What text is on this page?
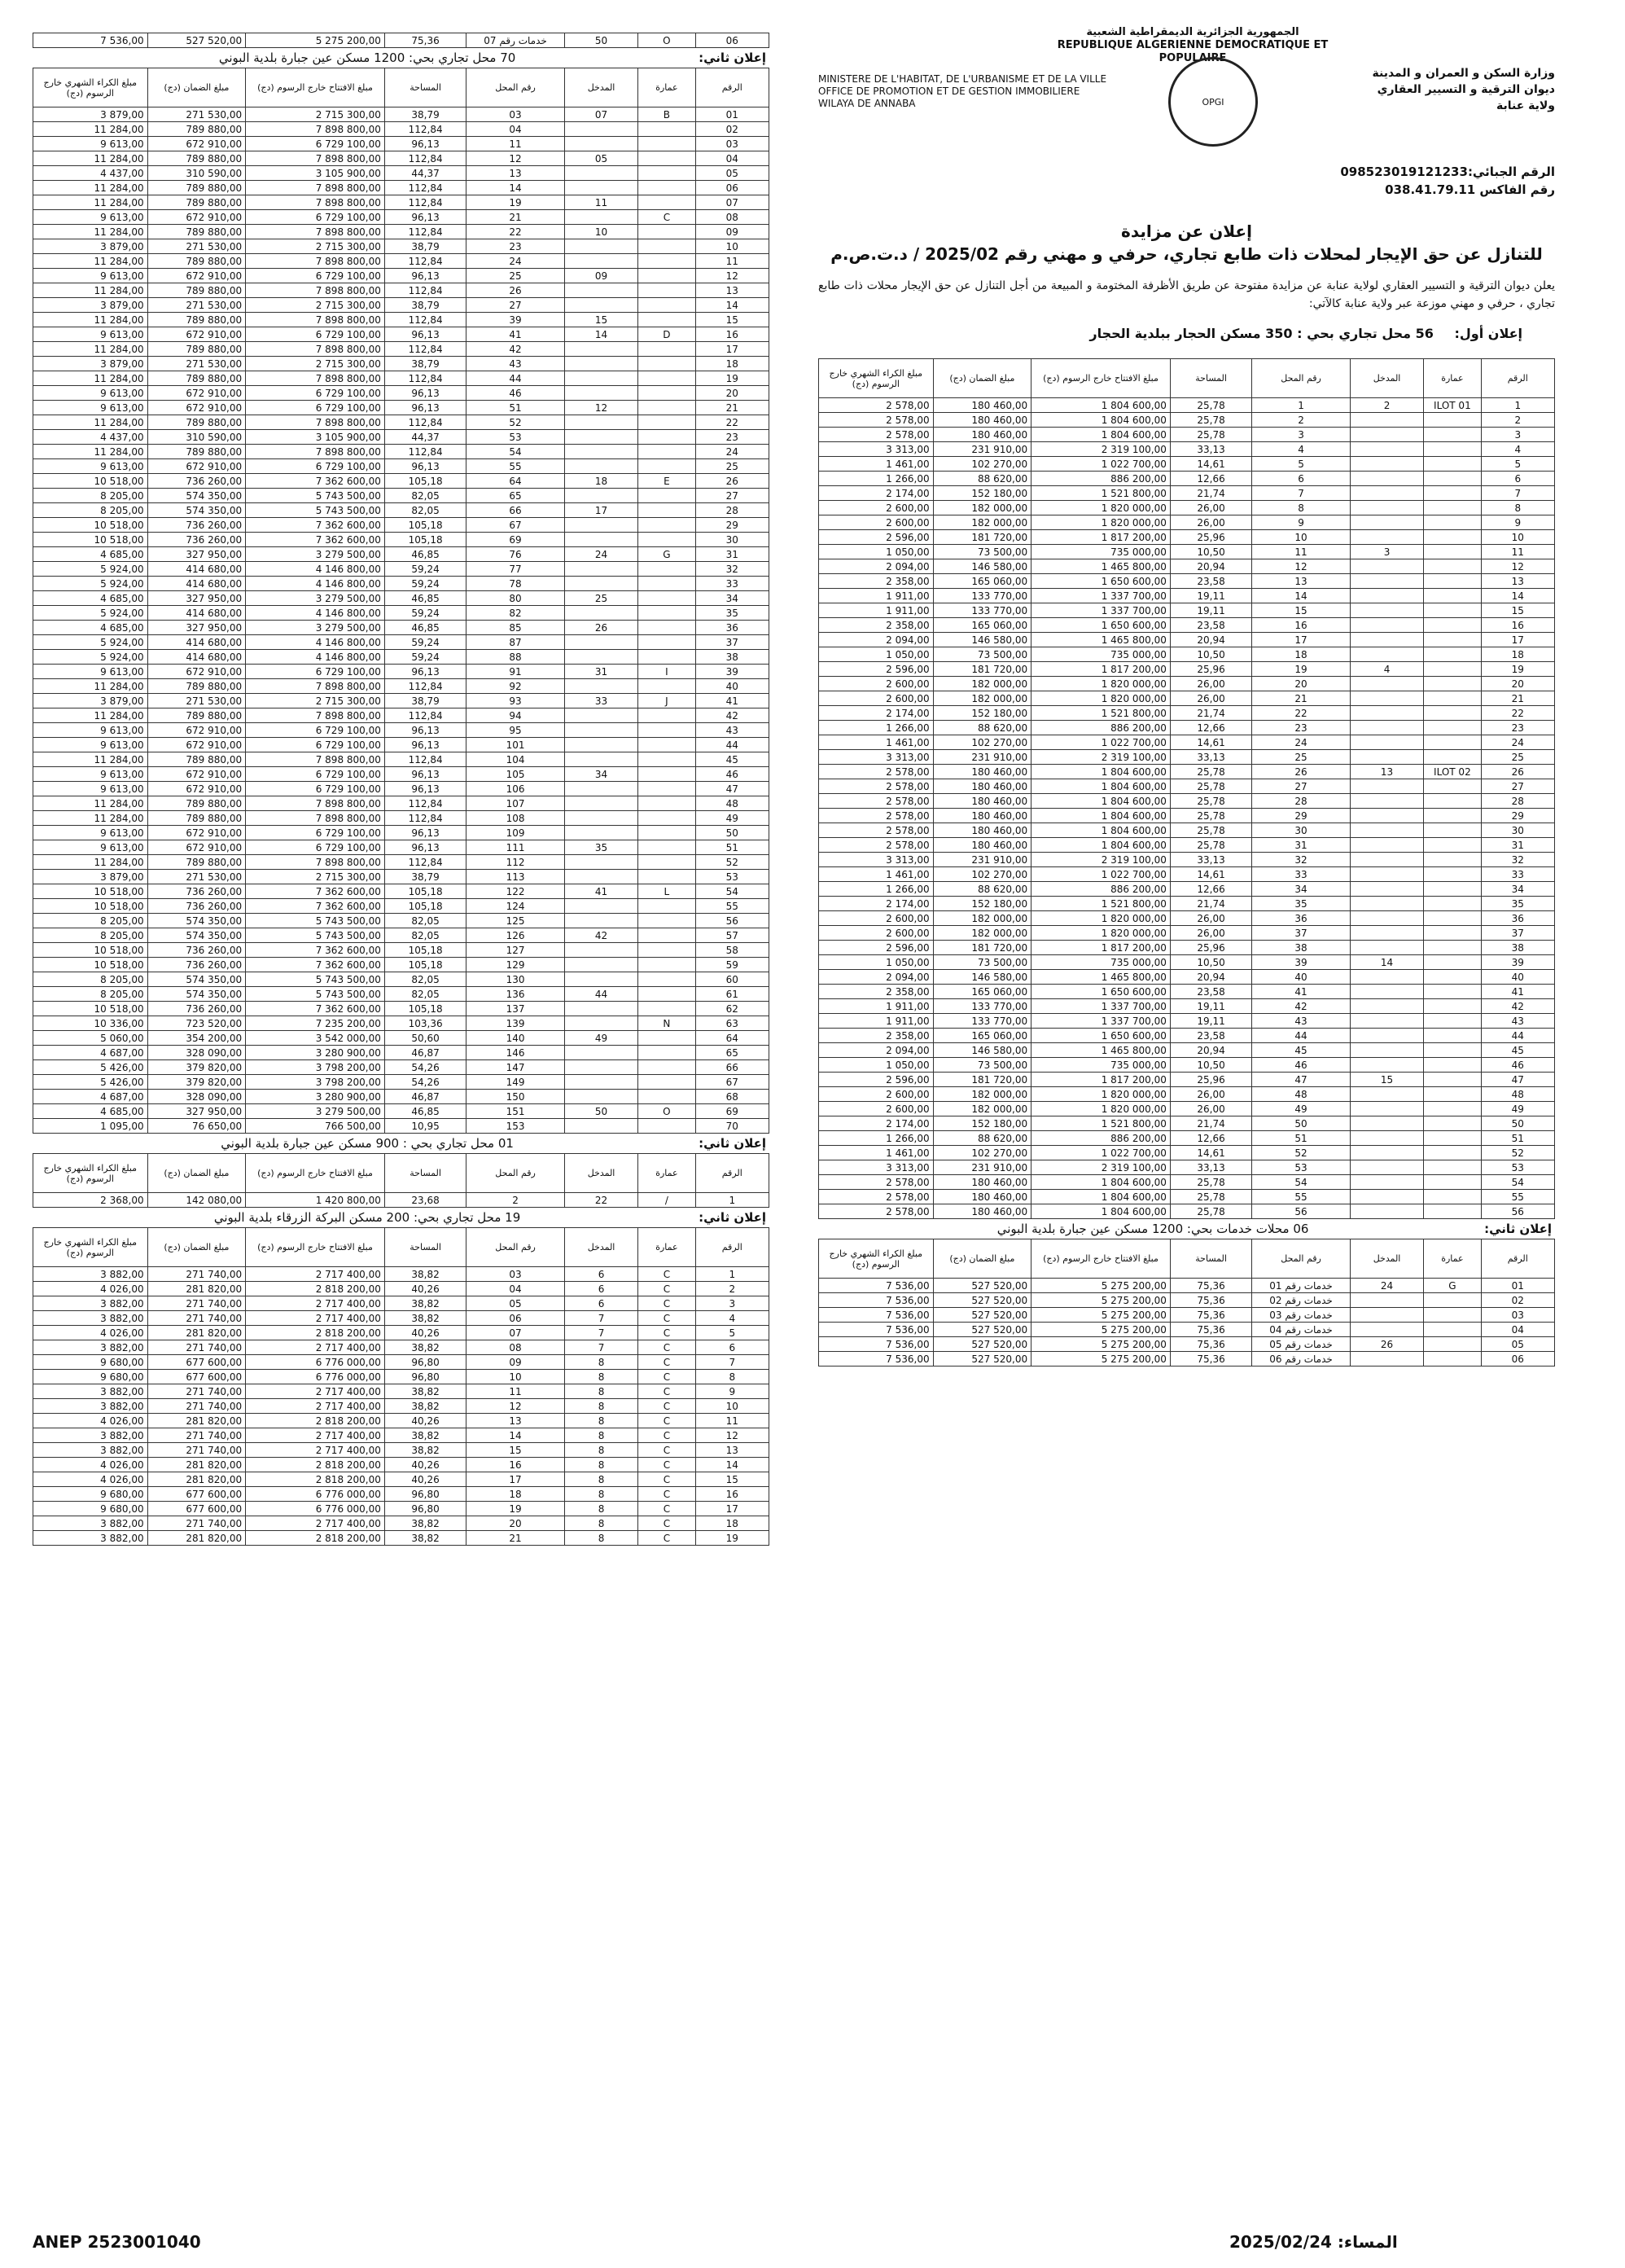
7 536,00	527 520,00	5 275 200,00	75,36	خدمات رقم 07	50	O	06
إعلان ثاني:
70 محل تجاري بحي: 1200 مسكن عين جبارة بلدية البوني
مبلغ الكراء الشهري خارج الرسوم (دج)	مبلغ الضمان (دج)	مبلغ الافتتاح خارج الرسوم (دج)	المساحة	رقم المحل	المدخل	عمارة	الرقم
3 879,00	271 530,00	2 715 300,00	38,79	03	07	B	01
11 284,00	789 880,00	7 898 800,00	112,84	04			02
9 613,00	672 910,00	6 729 100,00	96,13	11			03
11 284,00	789 880,00	7 898 800,00	112,84	12	05		04
4 437,00	310 590,00	3 105 900,00	44,37	13			05
11 284,00	789 880,00	7 898 800,00	112,84	14			06
11 284,00	789 880,00	7 898 800,00	112,84	19	11		07
9 613,00	672 910,00	6 729 100,00	96,13	21		C	08
11 284,00	789 880,00	7 898 800,00	112,84	22	10		09
3 879,00	271 530,00	2 715 300,00	38,79	23			10
11 284,00	789 880,00	7 898 800,00	112,84	24			11
9 613,00	672 910,00	6 729 100,00	96,13	25	09		12
11 284,00	789 880,00	7 898 800,00	112,84	26			13
3 879,00	271 530,00	2 715 300,00	38,79	27			14
11 284,00	789 880,00	7 898 800,00	112,84	39	15		15
9 613,00	672 910,00	6 729 100,00	96,13	41	14	D	16
11 284,00	789 880,00	7 898 800,00	112,84	42			17
3 879,00	271 530,00	2 715 300,00	38,79	43			18
11 284,00	789 880,00	7 898 800,00	112,84	44			19
9 613,00	672 910,00	6 729 100,00	96,13	46			20
9 613,00	672 910,00	6 729 100,00	96,13	51	12		21
11 284,00	789 880,00	7 898 800,00	112,84	52			22
4 437,00	310 590,00	3 105 900,00	44,37	53			23
11 284,00	789 880,00	7 898 800,00	112,84	54			24
9 613,00	672 910,00	6 729 100,00	96,13	55			25
10 518,00	736 260,00	7 362 600,00	105,18	64	18	E	26
8 205,00	574 350,00	5 743 500,00	82,05	65			27
8 205,00	574 350,00	5 743 500,00	82,05	66	17		28
10 518,00	736 260,00	7 362 600,00	105,18	67			29
10 518,00	736 260,00	7 362 600,00	105,18	69			30
4 685,00	327 950,00	3 279 500,00	46,85	76	24	G	31
5 924,00	414 680,00	4 146 800,00	59,24	77			32
5 924,00	414 680,00	4 146 800,00	59,24	78			33
4 685,00	327 950,00	3 279 500,00	46,85	80	25		34
5 924,00	414 680,00	4 146 800,00	59,24	82			35
4 685,00	327 950,00	3 279 500,00	46,85	85	26		36
5 924,00	414 680,00	4 146 800,00	59,24	87			37
5 924,00	414 680,00	4 146 800,00	59,24	88			38
9 613,00	672 910,00	6 729 100,00	96,13	91	31	I	39
11 284,00	789 880,00	7 898 800,00	112,84	92			40
3 879,00	271 530,00	2 715 300,00	38,79	93	33	J	41
11 284,00	789 880,00	7 898 800,00	112,84	94			42
9 613,00	672 910,00	6 729 100,00	96,13	95			43
9 613,00	672 910,00	6 729 100,00	96,13	101			44
11 284,00	789 880,00	7 898 800,00	112,84	104			45
9 613,00	672 910,00	6 729 100,00	96,13	105	34		46
9 613,00	672 910,00	6 729 100,00	96,13	106			47
11 284,00	789 880,00	7 898 800,00	112,84	107			48
11 284,00	789 880,00	7 898 800,00	112,84	108			49
9 613,00	672 910,00	6 729 100,00	96,13	109			50
9 613,00	672 910,00	6 729 100,00	96,13	111	35		51
11 284,00	789 880,00	7 898 800,00	112,84	112			52
3 879,00	271 530,00	2 715 300,00	38,79	113			53
10 518,00	736 260,00	7 362 600,00	105,18	122	41	L	54
10 518,00	736 260,00	7 362 600,00	105,18	124			55
8 205,00	574 350,00	5 743 500,00	82,05	125			56
8 205,00	574 350,00	5 743 500,00	82,05	126	42		57
10 518,00	736 260,00	7 362 600,00	105,18	127			58
10 518,00	736 260,00	7 362 600,00	105,18	129			59
8 205,00	574 350,00	5 743 500,00	82,05	130			60
8 205,00	574 350,00	5 743 500,00	82,05	136	44		61
10 518,00	736 260,00	7 362 600,00	105,18	137			62
10 336,00	723 520,00	7 235 200,00	103,36	139		N	63
5 060,00	354 200,00	3 542 000,00	50,60	140	49		64
4 687,00	328 090,00	3 280 900,00	46,87	146			65
5 426,00	379 820,00	3 798 200,00	54,26	147			66
5 426,00	379 820,00	3 798 200,00	54,26	149			67
4 687,00	328 090,00	3 280 900,00	46,87	150			68
4 685,00	327 950,00	3 279 500,00	46,85	151	50	O	69
1 095,00	76 650,00	766 500,00	10,95	153			70
إعلان ثاني:
01 محل تجاري بحي : 900 مسكن عين جبارة بلدية البوني
مبلغ الكراء الشهري خارج الرسوم (دج)	مبلغ الضمان (دج)	مبلغ الافتتاح خارج الرسوم (دج)	المساحة	رقم المحل	المدخل	عمارة	الرقم
2 368,00	142 080,00	1 420 800,00	23,68	2	22	/	1
إعلان ثاني:
19 محل تجاري بحي: 200 مسكن البركة الزرقاء بلدية البوني
مبلغ الكراء الشهري خارج الرسوم (دج)	مبلغ الضمان (دج)	مبلغ الافتتاح خارج الرسوم (دج)	المساحة	رقم المحل	المدخل	عمارة	الرقم
3 882,00	271 740,00	2 717 400,00	38,82	03	6	C	1
4 026,00	281 820,00	2 818 200,00	40,26	04	6	C	2
3 882,00	271 740,00	2 717 400,00	38,82	05	6	C	3
3 882,00	271 740,00	2 717 400,00	38,82	06	7	C	4
4 026,00	281 820,00	2 818 200,00	40,26	07	7	C	5
3 882,00	271 740,00	2 717 400,00	38,82	08	7	C	6
9 680,00	677 600,00	6 776 000,00	96,80	09	8	C	7
9 680,00	677 600,00	6 776 000,00	96,80	10	8	C	8
3 882,00	271 740,00	2 717 400,00	38,82	11	8	C	9
3 882,00	271 740,00	2 717 400,00	38,82	12	8	C	10
4 026,00	281 820,00	2 818 200,00	40,26	13	8	C	11
3 882,00	271 740,00	2 717 400,00	38,82	14	8	C	12
3 882,00	271 740,00	2 717 400,00	38,82	15	8	C	13
4 026,00	281 820,00	2 818 200,00	40,26	16	8	C	14
4 026,00	281 820,00	2 818 200,00	40,26	17	8	C	15
9 680,00	677 600,00	6 776 000,00	96,80	18	8	C	16
9 680,00	677 600,00	6 776 000,00	96,80	19	8	C	17
3 882,00	271 740,00	2 717 400,00	38,82	20	8	C	18
3 882,00	281 820,00	2 818 200,00	38,82	21	8	C	19
الجمهورية الجزائرية الديمقراطية الشعبية
REPUBLIQUE ALGERIENNE DEMOCRATIQUE ET POPULAIRE
MINISTERE DE L'HABITAT, DE L'URBANISME ET DE LA VILLE
OFFICE DE PROMOTION ET DE GESTION IMMOBILIERE
WILAYA DE ANNABA	OPGI
وزارة السكن و العمران و المدينة
ديوان الترقية و التسيير العقاري
ولاية عنابة
الرقم الجبائي:098523019121233
رقم الفاكس 038.41.79.11
إعلان عن مزايدة
للتنازل عن حق الإيجار لمحلات ذات طابع تجاري، حرفي و مهني رقم 2025/02 / د.ت.ص.م
يعلن ديوان الترقية و التسيير العقاري لولاية عنابة عن مزايدة مفتوحة عن طريق الأظرفة المختومة و المبيعة من أجل التنازل عن حق الإيجار محلات ذات طابع تجاري ، حرفي و مهني موزعة عبر ولاية عنابة كالآتي:
إعلان أول: 56 محل تجاري بحي : 350 مسكن الحجار ببلدية الحجار
مبلغ الكراء الشهري خارج الرسوم (دج)	مبلغ الضمان (دج)	مبلغ الافتتاح خارج الرسوم (دج)	المساحة	رقم المحل	المدخل	عمارة	الرقم
2 578,00	180 460,00	1 804 600,00	25,78	1	2	ILOT 01	1
2 578,00	180 460,00	1 804 600,00	25,78	2			2
2 578,00	180 460,00	1 804 600,00	25,78	3			3
3 313,00	231 910,00	2 319 100,00	33,13	4			4
1 461,00	102 270,00	1 022 700,00	14,61	5			5
1 266,00	88 620,00	886 200,00	12,66	6			6
2 174,00	152 180,00	1 521 800,00	21,74	7			7
2 600,00	182 000,00	1 820 000,00	26,00	8			8
2 600,00	182 000,00	1 820 000,00	26,00	9			9
2 596,00	181 720,00	1 817 200,00	25,96	10			10
1 050,00	73 500,00	735 000,00	10,50	11	3		11
2 094,00	146 580,00	1 465 800,00	20,94	12			12
2 358,00	165 060,00	1 650 600,00	23,58	13			13
1 911,00	133 770,00	1 337 700,00	19,11	14			14
1 911,00	133 770,00	1 337 700,00	19,11	15			15
2 358,00	165 060,00	1 650 600,00	23,58	16			16
2 094,00	146 580,00	1 465 800,00	20,94	17			17
1 050,00	73 500,00	735 000,00	10,50	18			18
2 596,00	181 720,00	1 817 200,00	25,96	19	4		19
2 600,00	182 000,00	1 820 000,00	26,00	20			20
2 600,00	182 000,00	1 820 000,00	26,00	21			21
2 174,00	152 180,00	1 521 800,00	21,74	22			22
1 266,00	88 620,00	886 200,00	12,66	23			23
1 461,00	102 270,00	1 022 700,00	14,61	24			24
3 313,00	231 910,00	2 319 100,00	33,13	25			25
2 578,00	180 460,00	1 804 600,00	25,78	26	13	ILOT 02	26
2 578,00	180 460,00	1 804 600,00	25,78	27			27
2 578,00	180 460,00	1 804 600,00	25,78	28			28
2 578,00	180 460,00	1 804 600,00	25,78	29			29
2 578,00	180 460,00	1 804 600,00	25,78	30			30
2 578,00	180 460,00	1 804 600,00	25,78	31			31
3 313,00	231 910,00	2 319 100,00	33,13	32			32
1 461,00	102 270,00	1 022 700,00	14,61	33			33
1 266,00	88 620,00	886 200,00	12,66	34			34
2 174,00	152 180,00	1 521 800,00	21,74	35			35
2 600,00	182 000,00	1 820 000,00	26,00	36			36
2 600,00	182 000,00	1 820 000,00	26,00	37			37
2 596,00	181 720,00	1 817 200,00	25,96	38			38
1 050,00	73 500,00	735 000,00	10,50	39	14		39
2 094,00	146 580,00	1 465 800,00	20,94	40			40
2 358,00	165 060,00	1 650 600,00	23,58	41			41
1 911,00	133 770,00	1 337 700,00	19,11	42			42
1 911,00	133 770,00	1 337 700,00	19,11	43			43
2 358,00	165 060,00	1 650 600,00	23,58	44			44
2 094,00	146 580,00	1 465 800,00	20,94	45			45
1 050,00	73 500,00	735 000,00	10,50	46			46
2 596,00	181 720,00	1 817 200,00	25,96	47	15		47
2 600,00	182 000,00	1 820 000,00	26,00	48			48
2 600,00	182 000,00	1 820 000,00	26,00	49			49
2 174,00	152 180,00	1 521 800,00	21,74	50			50
1 266,00	88 620,00	886 200,00	12,66	51			51
1 461,00	102 270,00	1 022 700,00	14,61	52			52
3 313,00	231 910,00	2 319 100,00	33,13	53			53
2 578,00	180 460,00	1 804 600,00	25,78	54			54
2 578,00	180 460,00	1 804 600,00	25,78	55			55
2 578,00	180 460,00	1 804 600,00	25,78	56			56
إعلان ثاني:
06 محلات خدمات بحي: 1200 مسكن عين جبارة بلدية البوني
مبلغ الكراء الشهري خارج الرسوم (دج)	مبلغ الضمان (دج)	مبلغ الافتتاح خارج الرسوم (دج)	المساحة	رقم المحل	المدخل	عمارة	الرقم
7 536,00	527 520,00	5 275 200,00	75,36	خدمات رقم 01	24	G	01
7 536,00	527 520,00	5 275 200,00	75,36	خدمات رقم 02			02
7 536,00	527 520,00	5 275 200,00	75,36	خدمات رقم 03			03
7 536,00	527 520,00	5 275 200,00	75,36	خدمات رقم 04			04
7 536,00	527 520,00	5 275 200,00	75,36	خدمات رقم 05	26		05
7 536,00	527 520,00	5 275 200,00	75,36	خدمات رقم 06			06
ANEP 2523001040	المساء: 2025/02/24
